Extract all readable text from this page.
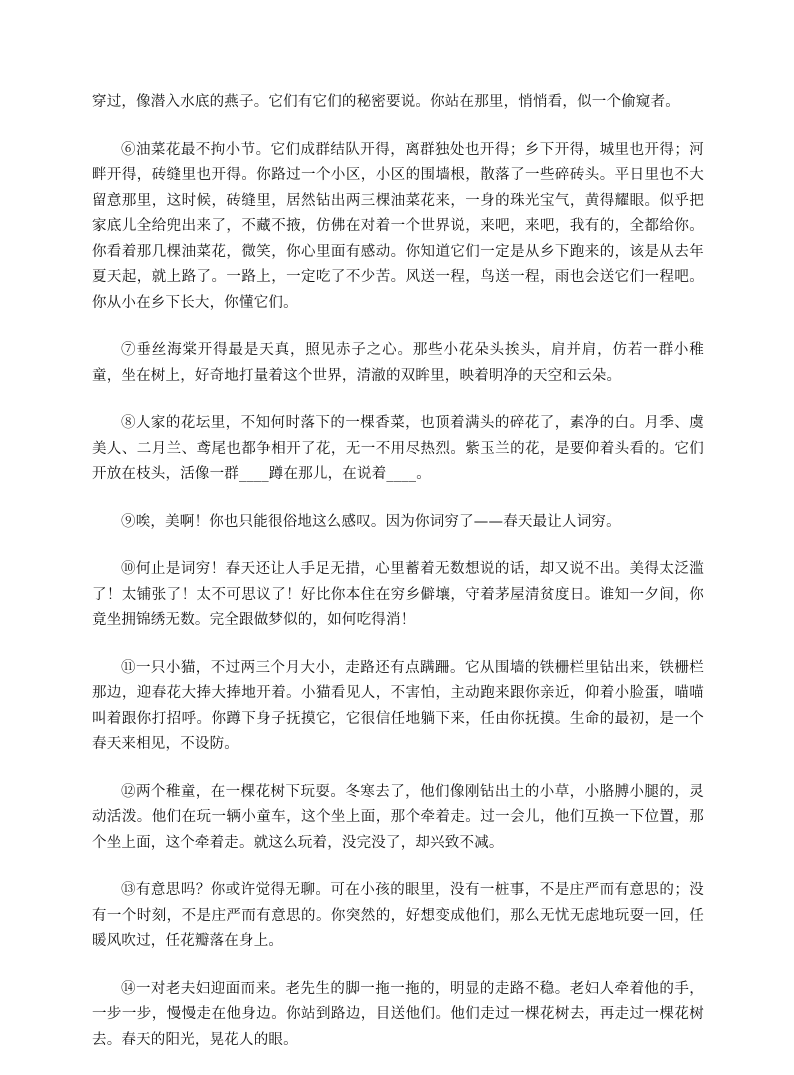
穿过，像潜入水底的燕子。它们有它们的秘密要说。你站在那里，悄悄看，似一个偷窥者。

⑥油菜花最不拘小节。它们成群结队开得，离群独处也开得；乡下开得，城里也开得；河畔开得，砖缝里也开得。你路过一个小区，小区的围墙根，散落了一些碎砖头。平日里也不大留意那里，这时候，砖缝里，居然钻出两三棵油菜花来，一身的珠光宝气，黄得耀眼。似乎把家底儿全给兜出来了，不藏不掖，仿佛在对着一个世界说，来吧，来吧，我有的，全都给你。你看着那几棵油菜花，微笑，你心里面有感动。你知道它们一定是从乡下跑来的，该是从去年夏天起，就上路了。一路上，一定吃了不少苦。风送一程，鸟送一程，雨也会送它们一程吧。你从小在乡下长大，你懂它们。

⑦垂丝海棠开得最是天真，照见赤子之心。那些小花朵头挨头，肩并肩，仿若一群小稚童，坐在树上，好奇地打量着这个世界，清澈的双眸里，映着明净的天空和云朵。

⑧人家的花坛里，不知何时落下的一棵香菜，也顶着满头的碎花了，素净的白。月季、虞美人、二月兰、鸢尾也都争相开了花，无一不用尽热烈。紫玉兰的花，是要仰着头看的。它们开放在枝头，活像一群____蹲在那儿，在说着____。

⑨唉，美啊！你也只能很俗地这么感叹。因为你词穷了——春天最让人词穷。

⑩何止是词穷！春天还让人手足无措，心里蓄着无数想说的话，却又说不出。美得太泛滥了！太铺张了！太不可思议了！好比你本住在穷乡僻壤，守着茅屋清贫度日。谁知一夕间，你竟坐拥锦绣无数。完全跟做梦似的，如何吃得消！

⑪一只小猫，不过两三个月大小，走路还有点蹒跚。它从围墙的铁栅栏里钻出来，铁栅栏那边，迎春花大捧大捧地开着。小猫看见人，不害怕，主动跑来跟你亲近，仰着小脸蛋，喵喵叫着跟你打招呼。你蹲下身子抚摸它，它很信任地躺下来，任由你抚摸。生命的最初，是一个春天来相见，不设防。

⑫两个稚童，在一棵花树下玩耍。冬寒去了，他们像刚钻出土的小草，小胳膊小腿的，灵动活泼。他们在玩一辆小童车，这个坐上面，那个牵着走。过一会儿，他们互换一下位置，那个坐上面，这个牵着走。就这么玩着，没完没了，却兴致不减。

⑬有意思吗？你或许觉得无聊。可在小孩的眼里，没有一桩事，不是庄严而有意思的；没有一个时刻，不是庄严而有意思的。你突然的，好想变成他们，那么无忧无虑地玩耍一回，任暖风吹过，任花瓣落在身上。

⑭一对老夫妇迎面而来。老先生的脚一拖一拖的，明显的走路不稳。老妇人牵着他的手，一步一步，慢慢走在他身边。你站到路边，目送他们。他们走过一棵花树去，再走过一棵花树去。春天的阳光，晃花人的眼。
